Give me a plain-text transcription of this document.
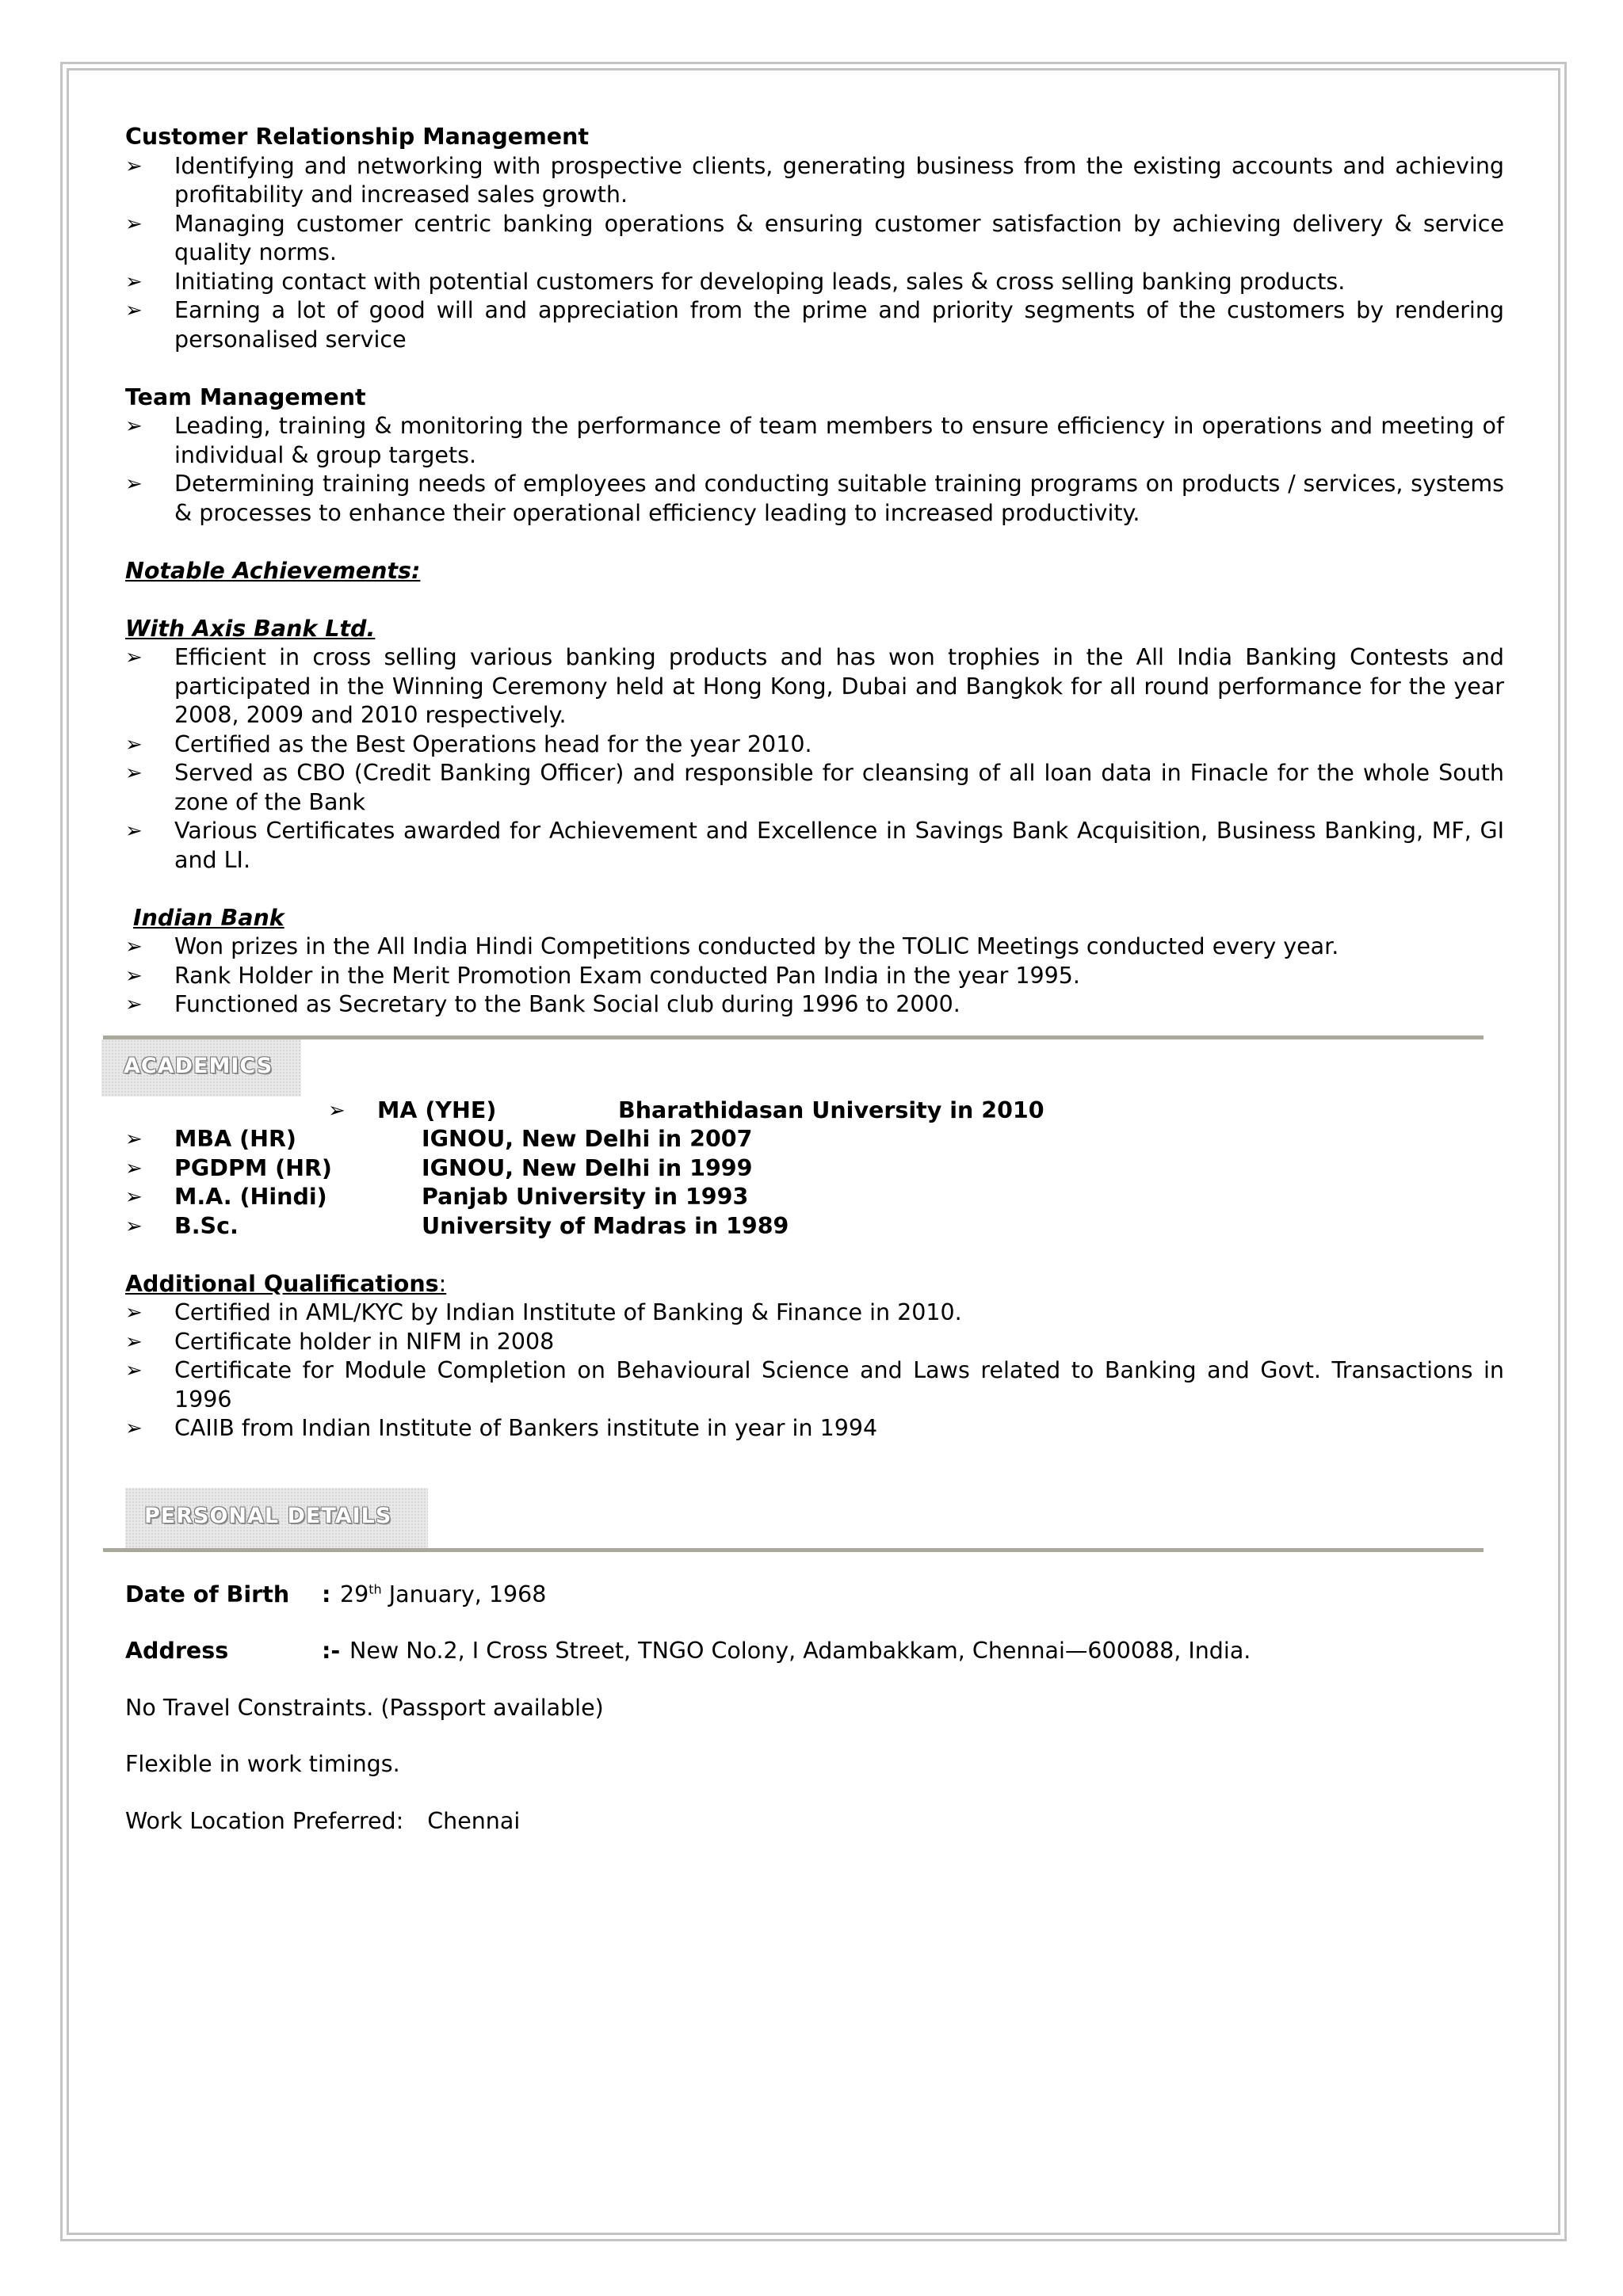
Customer Relationship Management
➢ Identifying and networking with prospective clients, generating business from the existing accounts and achieving profitability and increased sales growth.
➢ Managing customer centric banking operations & ensuring customer satisfaction by achieving delivery & service quality norms.
➢ Initiating contact with potential customers for developing leads, sales & cross selling banking products.
➢ Earning a lot of good will and appreciation from the prime and priority segments of the customers by rendering personalised service
Team Management
➢ Leading, training & monitoring the performance of team members to ensure efficiency in operations and meeting of individual & group targets.
➢ Determining training needs of employees and conducting suitable training programs on products / services, systems & processes to enhance their operational efficiency leading to increased productivity.
Notable Achievements:
With Axis Bank Ltd.
➢ Efficient in cross selling various banking products and has won trophies in the All India Banking Contests and participated in the Winning Ceremony held at Hong Kong, Dubai and Bangkok for all round performance for the year 2008, 2009 and 2010 respectively.
➢ Certified as the Best Operations head for the year 2010.
➢ Served as CBO (Credit Banking Officer) and responsible for cleansing of all loan data in Finacle for the whole South zone of the Bank
➢ Various Certificates awarded for Achievement and Excellence in Savings Bank Acquisition, Business Banking, MF, GI and LI.
Indian Bank
➢ Won prizes in the All India Hindi Competitions conducted by the TOLIC Meetings conducted every year.
➢ Rank Holder in the Merit Promotion Exam conducted Pan India in the year 1995.
➢ Functioned as Secretary to the Bank Social club during 1996 to 2000.
ACADEMICS
➢ MA (YHE)	Bharathidasan University in 2010
➢ MBA (HR)	IGNOU, New Delhi in 2007
➢ PGDPM (HR)	IGNOU, New Delhi in 1999
➢ M.A. (Hindi)	Panjab University in 1993
➢ B.Sc.	University of Madras in 1989
Additional Qualifications:
➢ Certified in AML/KYC by Indian Institute of Banking & Finance in 2010.
➢ Certificate holder in NIFM in 2008
➢ Certificate for Module Completion on Behavioural Science and Laws related to Banking and Govt. Transactions in 1996
➢ CAIIB from Indian Institute of Bankers institute in year in 1994
PERSONAL DETAILS
Date of Birth : 29th January, 1968
Address	:- New No.2, I Cross Street, TNGO Colony, Adambakkam, Chennai—600088, India.
No Travel Constraints. (Passport available)
Flexible in work timings.
Work Location Preferred: Chennai
